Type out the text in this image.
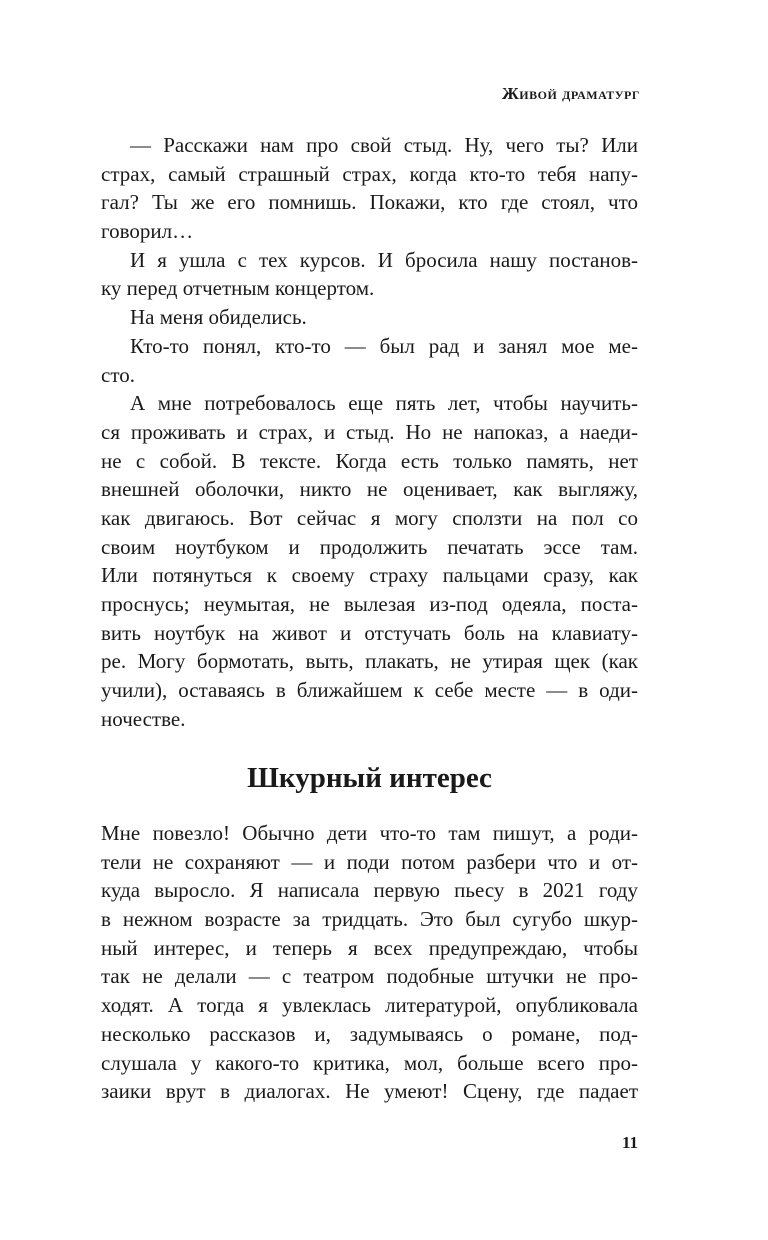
Живой драматург
— Расскажи нам про свой стыд. Ну, чего ты? Или
страх, самый страшный страх, когда кто-то тебя напу-
гал? Ты же его помнишь. Покажи, кто где стоял, что
говорил…
И я ушла с тех курсов. И бросила нашу постанов-
ку перед отчетным концертом.
На меня обиделись.
Кто-то понял, кто-то — был рад и занял мое ме-
сто.
А мне потребовалось еще пять лет, чтобы научить-
ся проживать и страх, и стыд. Но не напоказ, а наеди-
не с собой. В тексте. Когда есть только память, нет
внешней оболочки, никто не оценивает, как выгляжу,
как двигаюсь. Вот сейчас я могу сползти на пол со
своим ноутбуком и продолжить печатать эссе там.
Или потянуться к своему страху пальцами сразу, как
проснусь; неумытая, не вылезая из-под одеяла, поста-
вить ноутбук на живот и отстучать боль на клавиату-
ре. Могу бормотать, выть, плакать, не утирая щек (как
учили), оставаясь в ближайшем к себе месте — в оди-
ночестве.
Шкурный интерес
Мне повезло! Обычно дети что-то там пишут, а роди-
тели не сохраняют — и поди потом разбери что и от-
куда выросло. Я написала первую пьесу в 2021 году
в нежном возрасте за тридцать. Это был сугубо шкур-
ный интерес, и теперь я всех предупреждаю, чтобы
так не делали — с театром подобные штучки не про-
ходят. А тогда я увлеклась литературой, опубликовала
несколько рассказов и, задумываясь о романе, под-
слушала у какого-то критика, мол, больше всего про-
заики врут в диалогах. Не умеют! Сцену, где падает
11
